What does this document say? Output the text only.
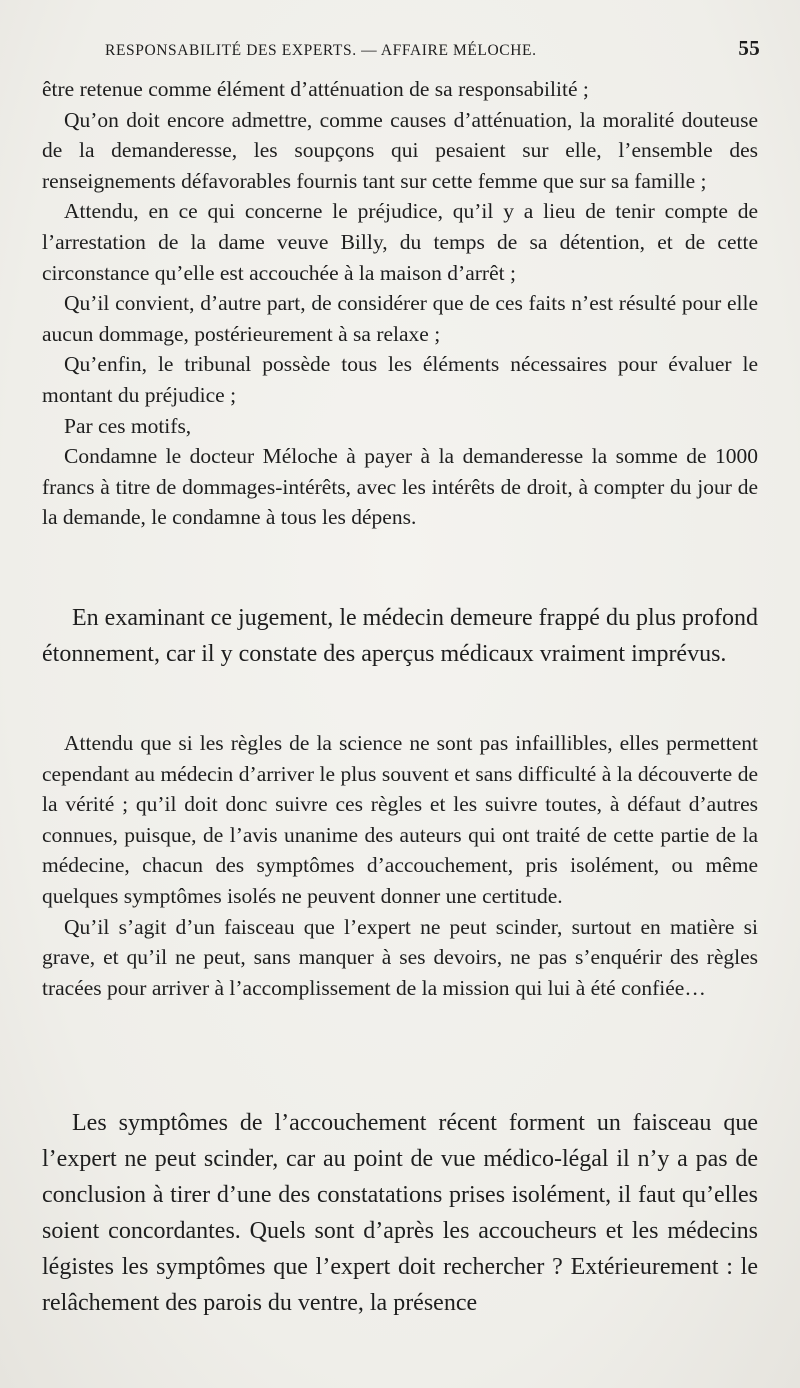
RESPONSABILITÉ DES EXPERTS. — AFFAIRE MÉLOCHE.	55

être retenue comme élément d’atténuation de sa responsabilité ;

Qu’on doit encore admettre, comme causes d’atténuation, la moralité douteuse de la demanderesse, les soupçons qui pesaient sur elle, l’ensemble des renseignements défavorables fournis tant sur cette femme que sur sa famille ;

Attendu, en ce qui concerne le préjudice, qu’il y a lieu de tenir compte de l’arrestation de la dame veuve Billy, du temps de sa détention, et de cette circonstance qu’elle est accouchée à la maison d’arrêt ;

Qu’il convient, d’autre part, de considérer que de ces faits n’est résulté pour elle aucun dommage, postérieurement à sa relaxe ;

Qu’enfin, le tribunal possède tous les éléments nécessaires pour évaluer le montant du préjudice ;

Par ces motifs,

Condamne le docteur Méloche à payer à la demanderesse la somme de 1000 francs à titre de dommages-intérêts, avec les intérêts de droit, à compter du jour de la demande, le condamne à tous les dépens.

En examinant ce jugement, le médecin demeure frappé du plus profond étonnement, car il y constate des aperçus médicaux vraiment imprévus.

Attendu que si les règles de la science ne sont pas infaillibles, elles permettent cependant au médecin d’arriver le plus souvent et sans difficulté à la découverte de la vérité ; qu’il doit donc suivre ces règles et les suivre toutes, à défaut d’autres connues, puisque, de l’avis unanime des auteurs qui ont traité de cette partie de la médecine, chacun des symptômes d’accouchement, pris isolément, ou même quelques symptômes isolés ne peuvent donner une certitude.

Qu’il s’agit d’un faisceau que l’expert ne peut scinder, surtout en matière si grave, et qu’il ne peut, sans manquer à ses devoirs, ne pas s’enquérir des règles tracées pour arriver à l’accomplissement de la mission qui lui à été confiée…

Les symptômes de l’accouchement récent forment un faisceau que l’expert ne peut scinder, car au point de vue médico-légal il n’y a pas de conclusion à tirer d’une des constatations prises isolément, il faut qu’elles soient concordantes. Quels sont d’après les accoucheurs et les médecins légistes les symptômes que l’expert doit rechercher ? Extérieurement : le relâchement des parois du ventre, la présence
